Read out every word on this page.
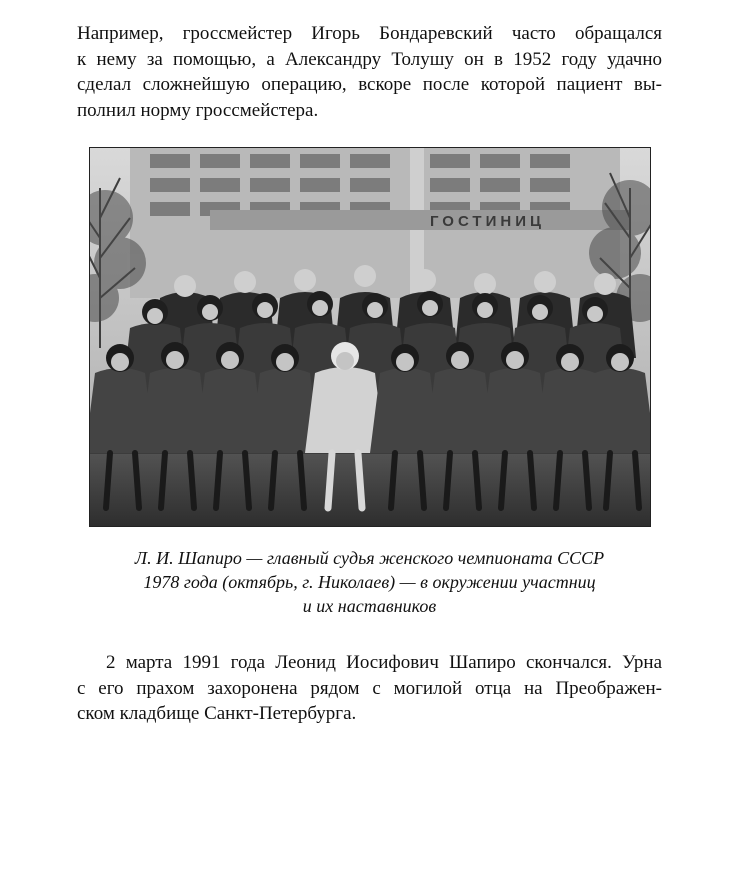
Например, гроссмейстер Игорь Бондаревский часто обращался
к нему за помощью, а Александру Толушу он в 1952 году удачно
сделал сложнейшую операцию, вскоре после которой пациент вы-
полнил норму гроссмейстера.

ГОСТИНИЦ

Л. И. Шапиро — главный судья женского чемпионата СССР
1978 года (октябрь, г. Николаев) — в окружении участниц
и их наставников

2 марта 1991 года Леонид Иосифович Шапиро скончался. Урна
с его прахом захоронена рядом с могилой отца на Преображен-
ском кладбище Санкт-Петербурга.
